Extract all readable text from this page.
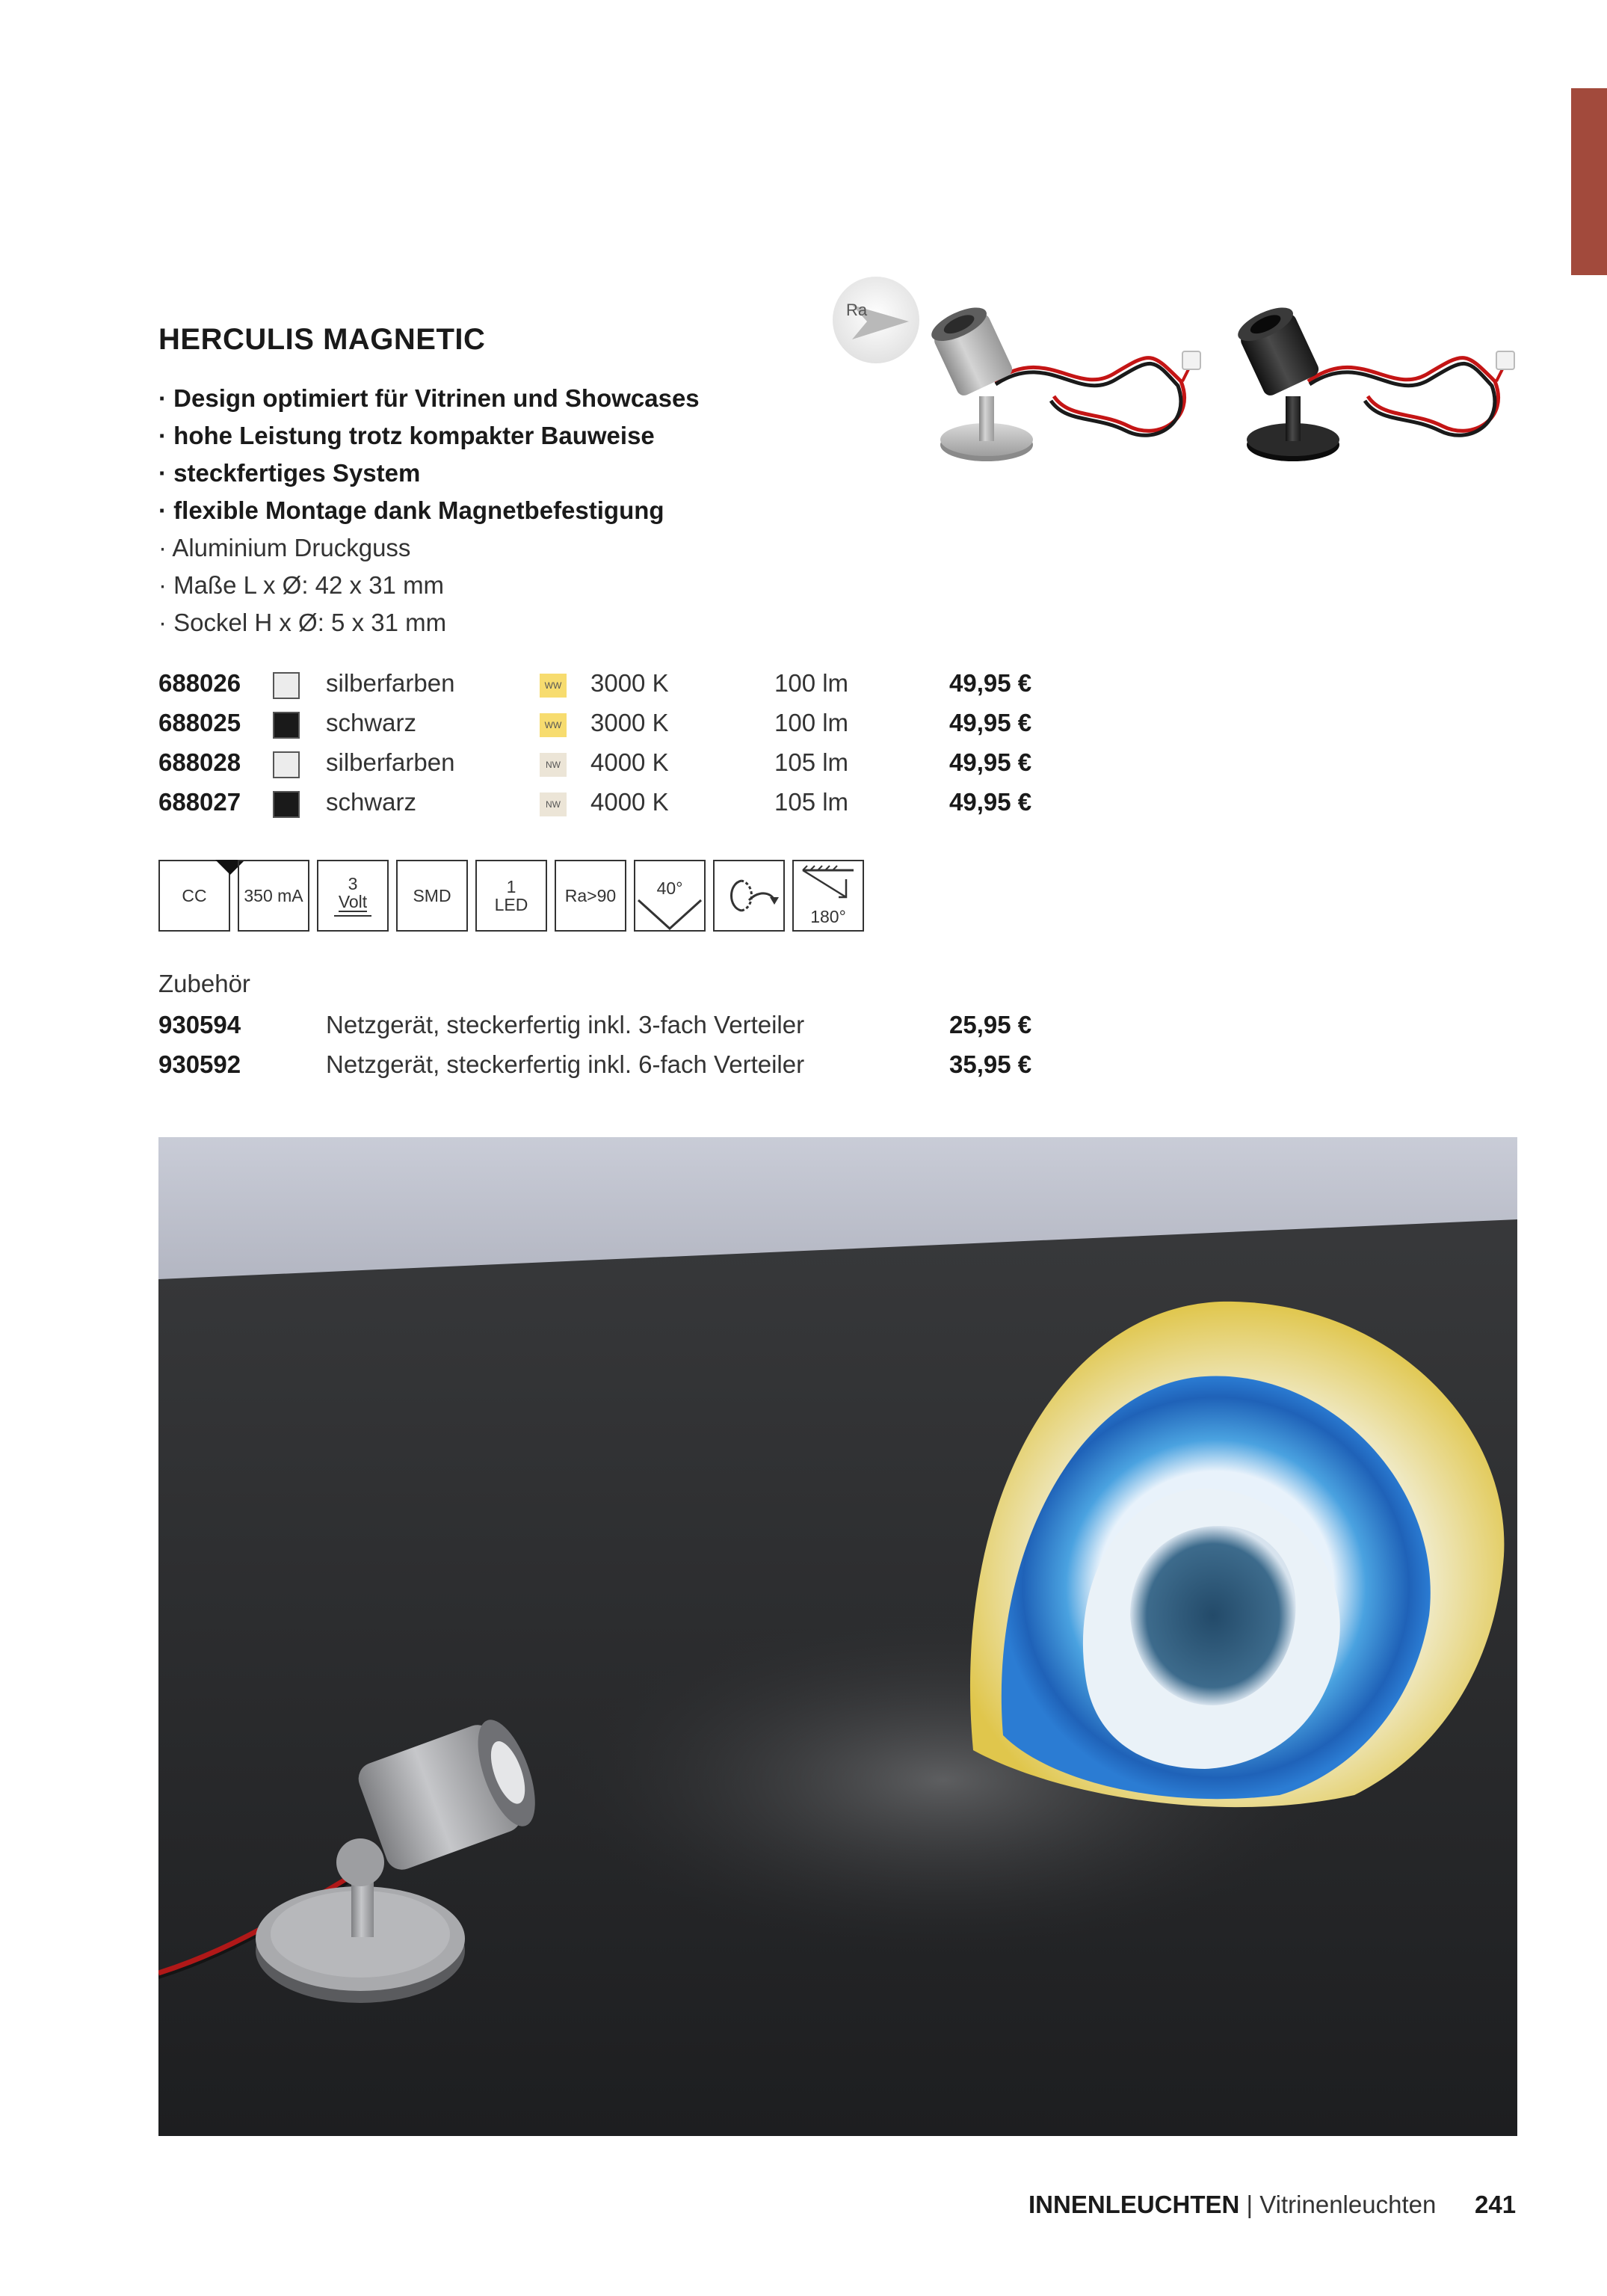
HERCULIS MAGNETIC
· Design optimiert für Vitrinen und Showcases
· hohe Leistung trotz kompakter Bauweise
· steckfertiges System
· flexible Montage dank Magnetbefestigung
· Aluminium Druckguss
· Maße L x Ø: 42 x 31 mm
· Sockel H x Ø: 5 x 31 mm
Ra
688026	silberfarben	WW 3000 K	100 lm	49,95 €
688025	schwarz	WW 3000 K	100 lm	49,95 €
688028	silberfarben	NW 4000 K	105 lm	49,95 €
688027	schwarz	NW 4000 K	105 lm	49,95 €
CC 350 mA
3
Volt	SMD	1
LED Ra>90 40°
180°
Zubehör
930594	Netzgerät, steckerfertig inkl. 3-fach Verteiler	25,95 €
930592	Netzgerät, steckerfertig inkl. 6-fach Verteiler	35,95 €
INNENLEUCHTEN | Vitrinenleuchten 241
